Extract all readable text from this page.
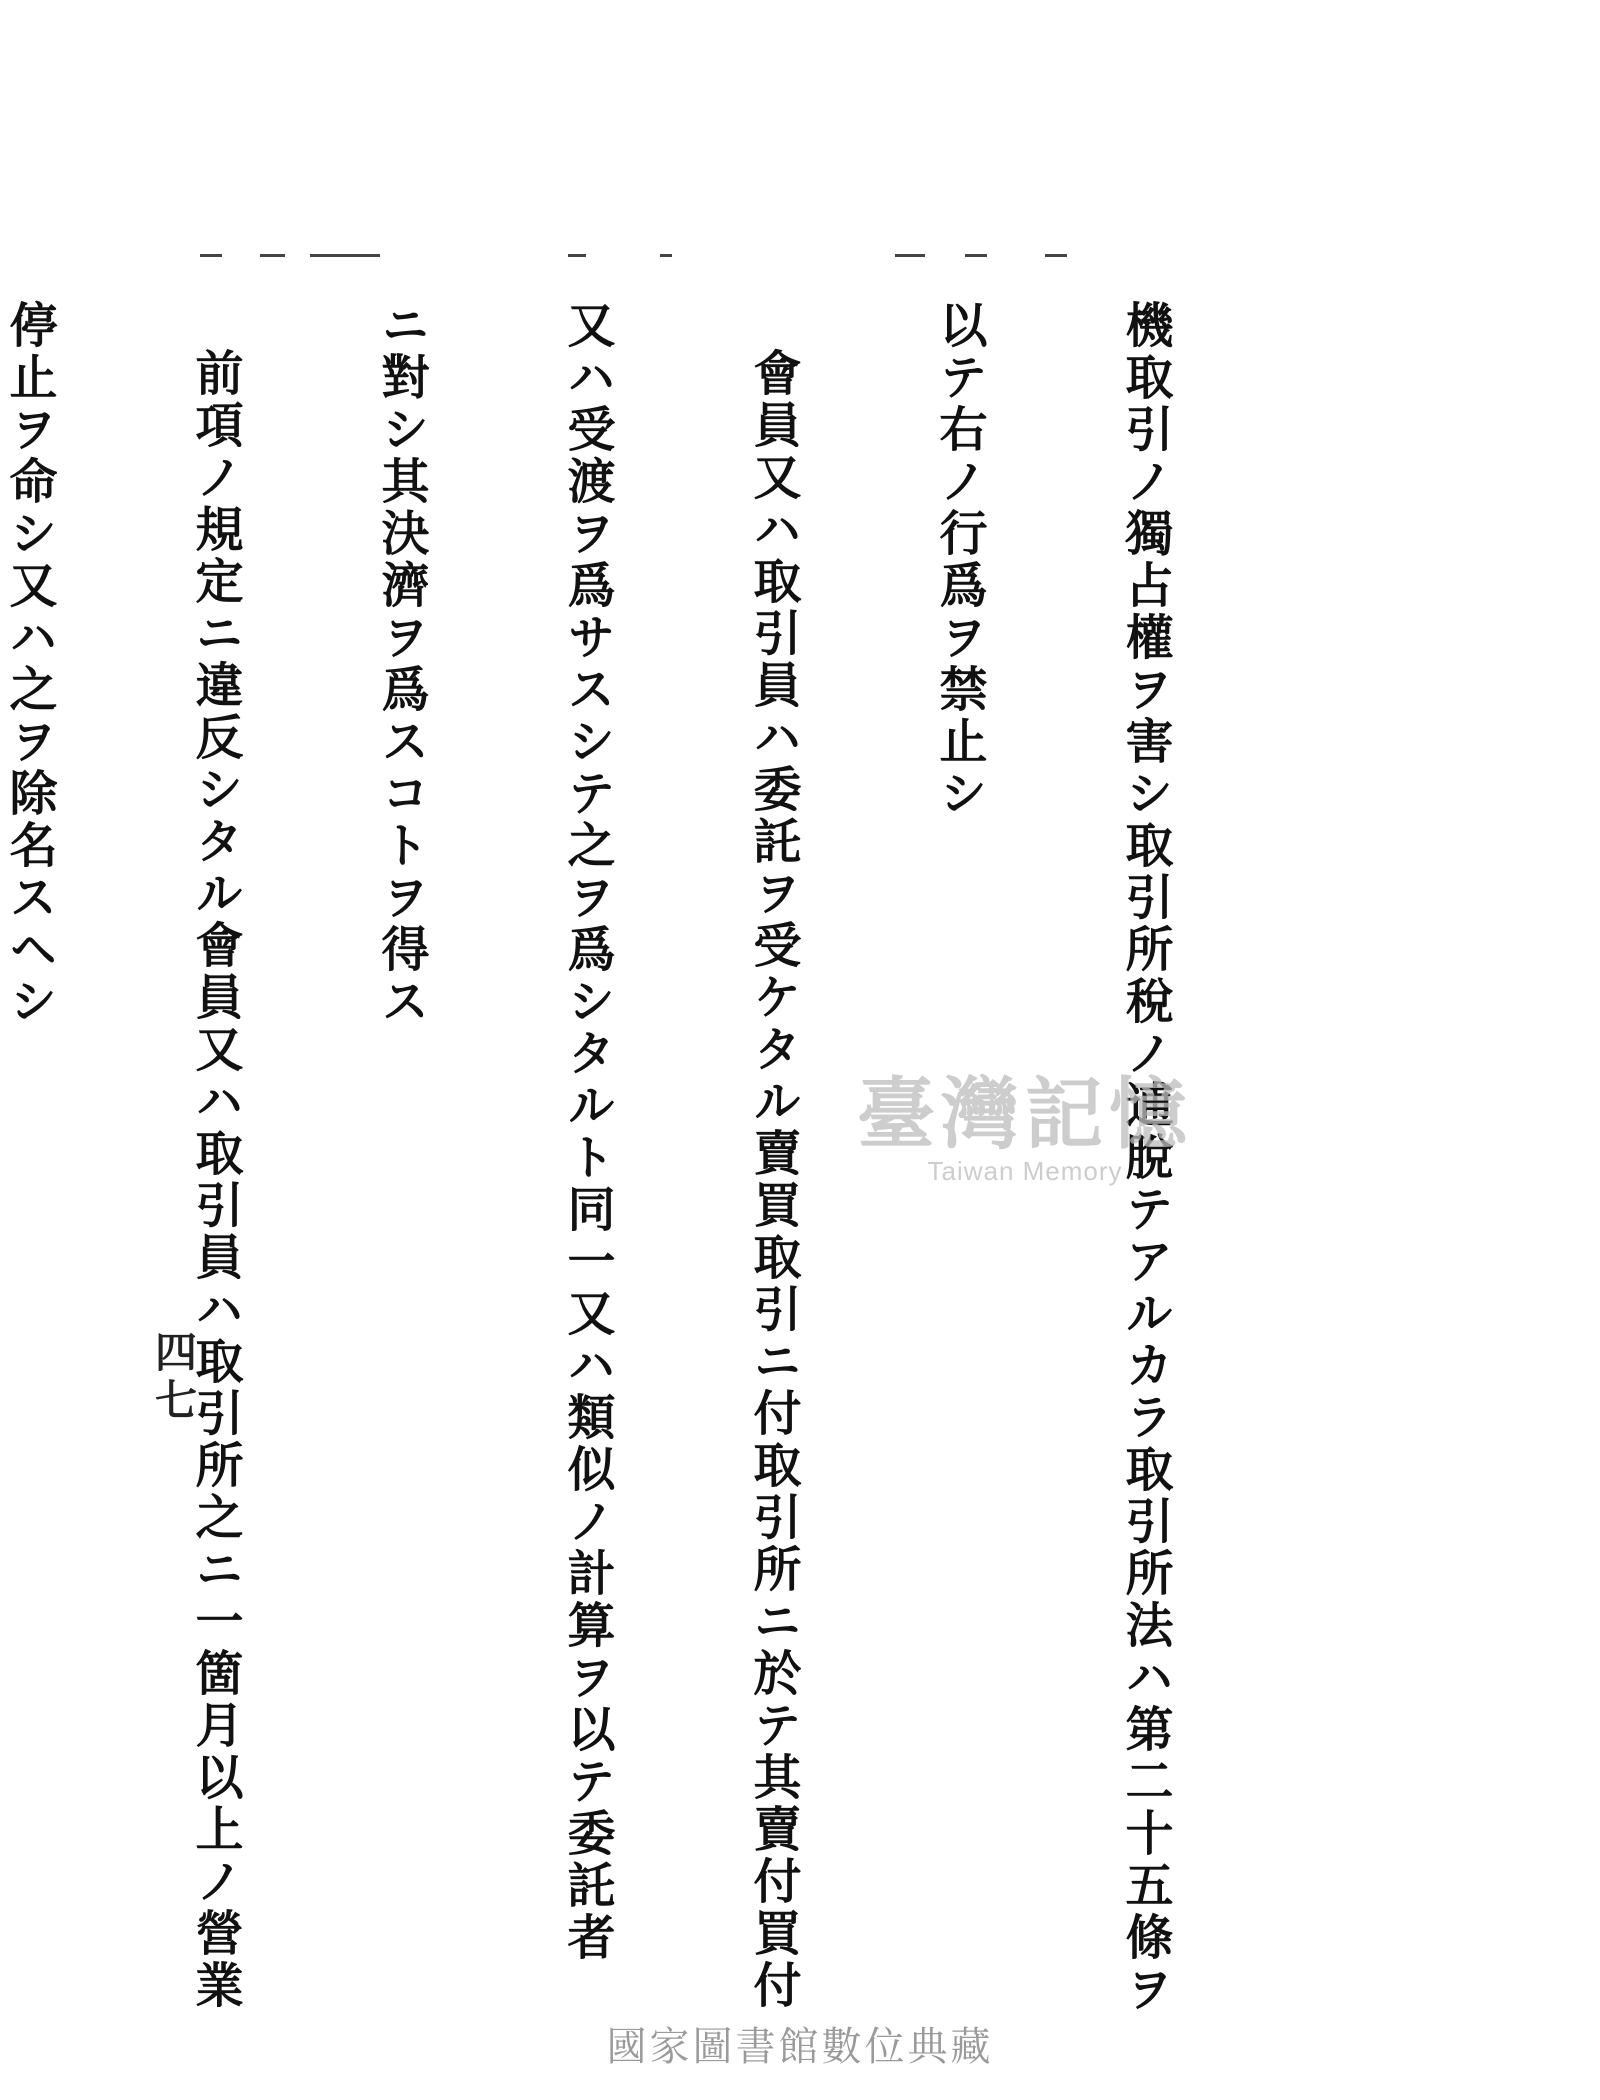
機取引ノ獨占權ヲ害シ取引所稅ノ逋脫テアルカラ取引所法ハ第二十五條ヲ

以テ右ノ行爲ヲ禁止シ

會員又ハ取引員ハ委託ヲ受ケタル賣買取引ニ付取引所ニ於テ其賣付買付

又ハ受渡ヲ爲サスシテ之ヲ爲シタルト同一又ハ類似ノ計算ヲ以テ委託者

ニ對シ其決濟ヲ爲スコトヲ得ス

前項ノ規定ニ違反シタル會員又ハ取引員ハ取引所之ニ一箇月以上ノ營業

停止ヲ命シ又ハ之ヲ除名スヘシ

四七
臺灣記憶
Taiwan Memory
國家圖書館數位典藏
